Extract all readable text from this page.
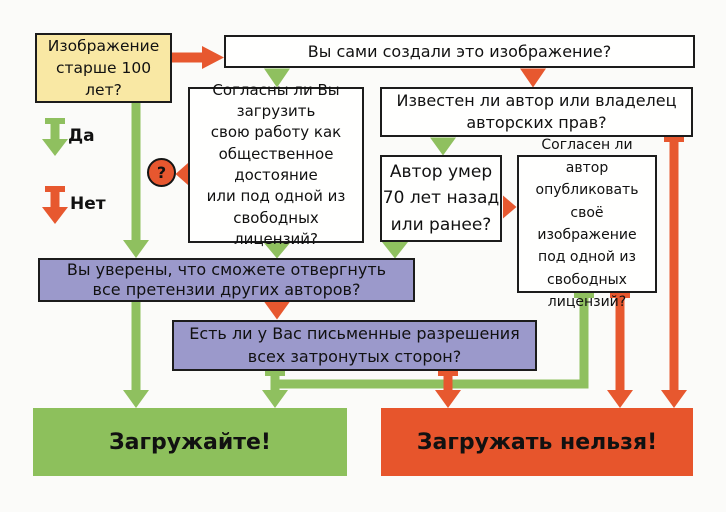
Да
Нет
Изображение
старше 100
лет?
Вы сами создали это изображение?
Согласны ли Вы
загрузить
свою работу как
общественное
достояние
или под одной из
свободных лицензий?
Известен ли автор или владелец
авторских прав?
Автор умер
70 лет назад
или ранее?
Согласен ли автор
опубликовать
своё изображение
под одной из
свободных
лицензий?
Вы уверены, что сможете отвергнуть
все претензии других авторов?
Есть ли у Вас письменные разрешения
всех затронутых сторон?
Загружайте!	Загружать нельзя!
?
